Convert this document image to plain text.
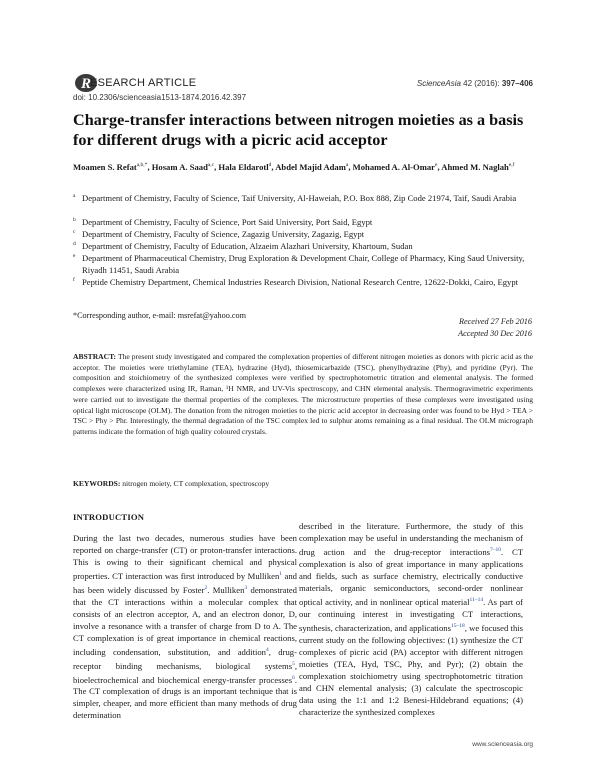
R
ESEARCH ARTICLE	ScienceAsia 42 (2016): 397–406
doi: 10.2306/scienceasia1513-1874.2016.42.397
Charge-transfer interactions between nitrogen moieties as a basis for different drugs with a picric acid acceptor
Moamen S. Refat$^{a,b,*}$, Hosam A. Saad$^{a,c}$, Hala Eldarotl$^d$, Abdel Majid Adam$^a$, Mohamed A. Al-Omar$^e$, Ahmed M. Naglah$^{e,f}$
a Department of Chemistry, Faculty of Science, Taif University, Al-Haweiah, P.O. Box 888, Zip Code 21974, Taif, Saudi Arabia
b Department of Chemistry, Faculty of Science, Port Said University, Port Said, Egypt
c Department of Chemistry, Faculty of Science, Zagazig University, Zagazig, Egypt
d Department of Chemistry, Faculty of Education, Alzaeim Alazhari University, Khartoum, Sudan
e Department of Pharmaceutical Chemistry, Drug Exploration & Development Chair, College of Pharmacy, King Saud University, Riyadh 11451, Saudi Arabia
f Peptide Chemistry Department, Chemical Industries Research Division, National Research Centre, 12622-Dokki, Cairo, Egypt
*Corresponding author, e-mail: msrefat@yahoo.com
Received 27 Feb 2016
Accepted 30 Dec 2016
ABSTRACT: The present study investigated and compared the complexation properties of different nitrogen moieties as donors with picric acid as the acceptor. The moieties were triethylamine (TEA), hydrazine (Hyd), thiosemicarbazide (TSC), phenylhydrazine (Phy), and pyridine (Pyr). The composition and stoichiometry of the synthesized complexes were verified by spectrophotometric titration and elemental analysis. The formed complexes were characterized using IR, Raman, ¹H NMR, and UV-Vis spectroscopy, and CHN elemental analysis. Thermogravimetric experiments were carried out to investigate the thermal properties of the complexes. The microstructure properties of these complexes were investigated using optical light microscope (OLM). The donation from the nitrogen moieties to the picric acid acceptor in decreasing order was found to be Hyd > TEA > TSC > Phy > Phr. Interestingly, the thermal degradation of the TSC complex led to sulphur atoms remaining as a final residual. The OLM micrograph patterns indicate the formation of high quality coloured crystals.
KEYWORDS: nitrogen moiety, CT complexation, spectroscopy
INTRODUCTION
During the last two decades, numerous studies have been reported on charge-transfer (CT) or proton-transfer interactions. This is owing to their significant chemical and physical properties. CT interaction was first introduced by Mulliken$^1$ and has been widely discussed by Foster$^2$. Mulliken$^3$ demonstrated that the CT interactions within a molecular complex that consists of an electron acceptor, A, and an electron donor, D, involve a resonance with a transfer of charge from D to A. The CT complexation is of great importance in chemical reactions, including condensation, substitution, and addition$^4$, drug-receptor binding mechanisms, biological systems$^5$, bioelectrochemical and biochemical energy-transfer processes$^6$. The CT complexation of drugs is an important technique that is simpler, cheaper, and more efficient than many methods of drug determination
described in the literature. Furthermore, the study of this complexation may be useful in understanding the mechanism of drug action and the drug-receptor interactions$^{7-10}$. CT complexation is also of great importance in many applications and fields, such as surface chemistry, electrically conductive materials, organic semiconductors, second-order nonlinear optical activity, and in nonlinear optical material$^{11-14}$. As part of our continuing interest in investigating CT interactions, synthesis, characterization, and applications$^{15-18}$, we focused this current study on the following objectives: (1) synthesize the CT complexes of picric acid (PA) acceptor with different nitrogen moieties (TEA, Hyd, TSC, Phy, and Pyr); (2) obtain the complexation stoichiometry using spectrophotometric titration and CHN elemental analysis; (3) calculate the spectroscopic data using the 1:1 and 1:2 Benesi-Hildebrand equations; (4) characterize the synthesized complexes
www.scienceasia.org
